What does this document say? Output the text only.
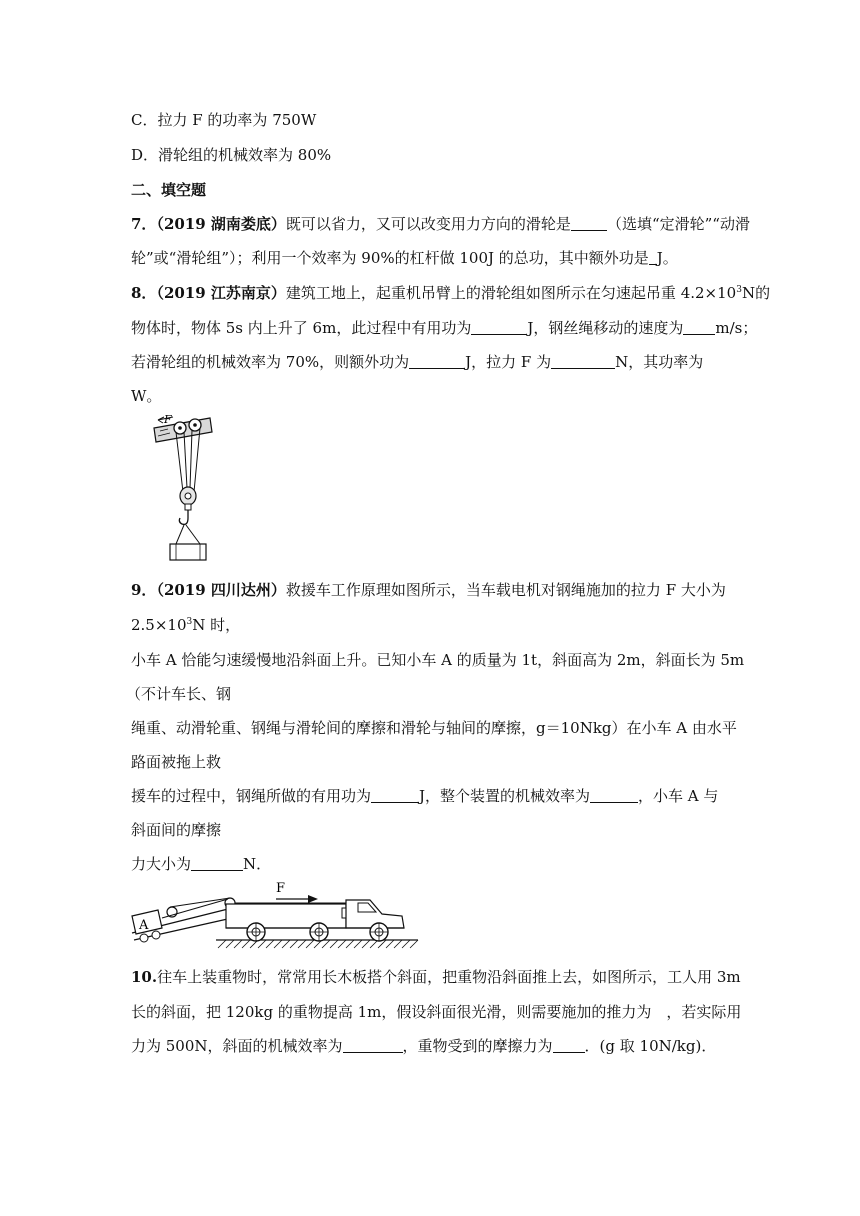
C．拉力 F 的功率为 750W
D．滑轮组的机械效率为 80%
二、填空题
7．（2019 湖南娄底）既可以省力，又可以改变用力方向的滑轮是 （选填“定滑轮”“动滑
轮”或“滑轮组”）；利用一个效率为 90%的杠杆做 100J 的总功，其中额外功是 J。
8．（2019 江苏南京）建筑工地上，起重机吊臂上的滑轮组如图所示在匀速起吊重 $4.2\times 10^3N$的
物体时，物体 5s 内上升了 6m，此过程中有用功为	J，钢丝绳移动的速度为 m/s；
若滑轮组的机械效率为 70%，则额外功为	J，拉力 F 为	N，其功率为
W。
F
9．（2019 四川达州）救援车工作原理如图所示，当车载电机对钢绳施加的拉力 F 大小为
$2.5\times 10^3N$ 时，
小车 A 恰能匀速缓慢地沿斜面上升。已知小车 A 的质量为 1t，斜面高为 2m，斜面长为 5m
（不计车长、钢
绳重、动滑轮重、钢绳与滑轮间的摩擦和滑轮与轴间的摩擦，g＝10Nkg）在小车 A 由水平
路面被拖上救
援车的过程中，钢绳所做的有用功为	J，整个装置的机械效率为	，小车 A 与
斜面间的摩擦
力大小为	N．
A
F
10.往车上装重物时，常常用长木板搭个斜面，把重物沿斜面推上去，如图所示，工人用 3m
长的斜面，把 120kg 的重物提高 1m，假设斜面很光滑，则需要施加的推力为　，若实际用
力为 500N，斜面的机械效率为	，重物受到的摩擦力为 ．(g 取 10N/kg)．
